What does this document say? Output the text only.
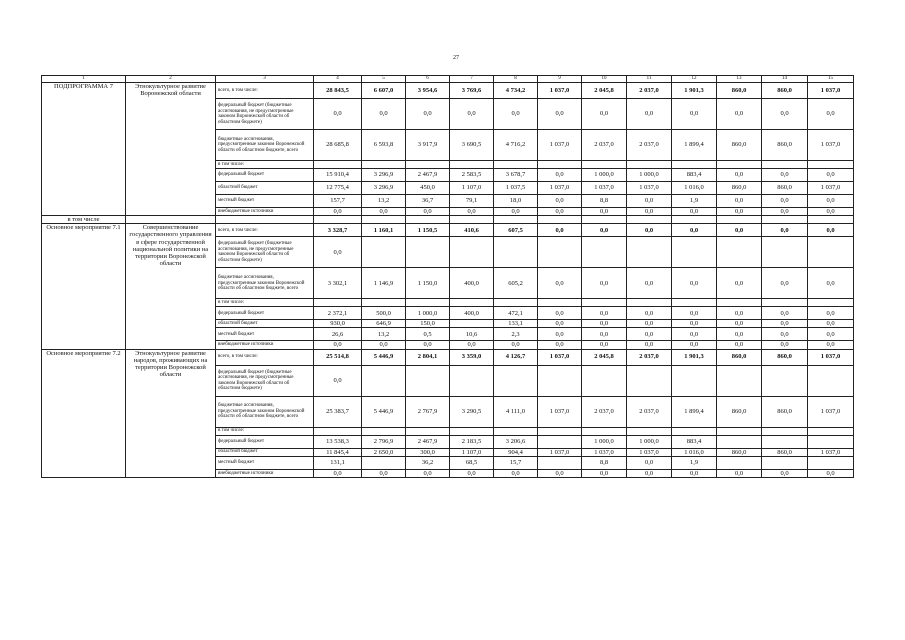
27
1	2	3	4	5	6	7	8	9	10	11	12	13	14	15
ПОДПРОГРАММА 7	Этнокультурное развитие Воронежской области	всего, в том числе:	28 843,5	6 607,0	3 954,6	3 769,6	4 734,2	1 037,0	2 045,8	2 037,0	1 901,3	860,0	860,0	1 037,0
		федеральный бюджет (бюджетные ассигнования, не предусмотренные законом Воронежской области об областном бюджете)	0,0	0,0	0,0	0,0	0,0	0,0	0,0	0,0	0,0	0,0	0,0	0,0
		бюджетные ассигнования, предусмотренные законом Воронежской области об областном бюджете, всего	28 685,8	6 593,8	3 917,9	3 690,5	4 716,2	1 037,0	2 037,0	2 037,0	1 899,4	860,0	860,0	1 037,0
		в том числе:												
		федеральный бюджет	15 910,4	3 296,9	2 467,9	2 583,5	3 678,7	0,0	1 000,0	1 000,0	883,4	0,0	0,0	0,0
		областной бюджет	12 775,4	3 296,9	450,0	1 107,0	1 037,5	1 037,0	1 037,0	1 037,0	1 016,0	860,0	860,0	1 037,0
		местный бюджет	157,7	13,2	36,7	79,1	18,0	0,0	8,8	0,0	1,9	0,0	0,0	0,0
		внебюджетные источники	0,0	0,0	0,0	0,0	0,0	0,0	0,0	0,0	0,0	0,0	0,0	0,0
в том числе														
Основное мероприятие 7.1	Совершенствование государственного управления в сфере государственной национальной политики на территории Воронежской области	всего, в том числе:	3 328,7	1 160,1	1 150,5	410,6	607,5	0,0	0,0	0,0	0,0	0,0	0,0	0,0
		федеральный бюджет (бюджетные ассигнования, не предусмотренные законом Воронежской области об областном бюджете)	0,0											
		бюджетные ассигнования, предусмотренные законом Воронежской области об областном бюджете, всего	3 302,1	1 146,9	1 150,0	400,0	605,2	0,0	0,0	0,0	0,0	0,0	0,0	0,0
		в том числе:												
		федеральный бюджет	2 372,1	500,0	1 000,0	400,0	472,1	0,0	0,0	0,0	0,0	0,0	0,0	0,0
		областной бюджет	930,0	646,9	150,0		133,1	0,0	0,0	0,0	0,0	0,0	0,0	0,0
		местный бюджет	26,6	13,2	0,5	10,6	2,3	0,0	0,0	0,0	0,0	0,0	0,0	0,0
		внебюджетные источники	0,0	0,0	0,0	0,0	0,0	0,0	0,0	0,0	0,0	0,0	0,0	0,0
Основное мероприятие 7.2	Этнокультурное развитие народов, проживающих на территории Воронежской области	всего, в том числе:	25 514,8	5 446,9	2 804,1	3 359,0	4 126,7	1 037,0	2 045,8	2 037,0	1 901,3	860,0	860,0	1 037,0
		федеральный бюджет (бюджетные ассигнования, не предусмотренные законом Воронежской области об областном бюджете)	0,0											
		бюджетные ассигнования, предусмотренные законом Воронежской области об областном бюджете, всего	25 383,7	5 446,9	2 767,9	3 290,5	4 111,0	1 037,0	2 037,0	2 037,0	1 899,4	860,0	860,0	1 037,0
		в том числе:												
		федеральный бюджет	13 538,3	2 796,9	2 467,9	2 183,5	3 206,6		1 000,0	1 000,0	883,4			
		областной бюджет	11 845,4	2 650,0	300,0	1 107,0	904,4	1 037,0	1 037,0	1 037,0	1 016,0	860,0	860,0	1 037,0
		местный бюджет	131,1		36,2	68,5	15,7		8,8	0,0	1,9			
		внебюджетные источники	0,0	0,0	0,0	0,0	0,0	0,0	0,0	0,0	0,0	0,0	0,0	0,0
